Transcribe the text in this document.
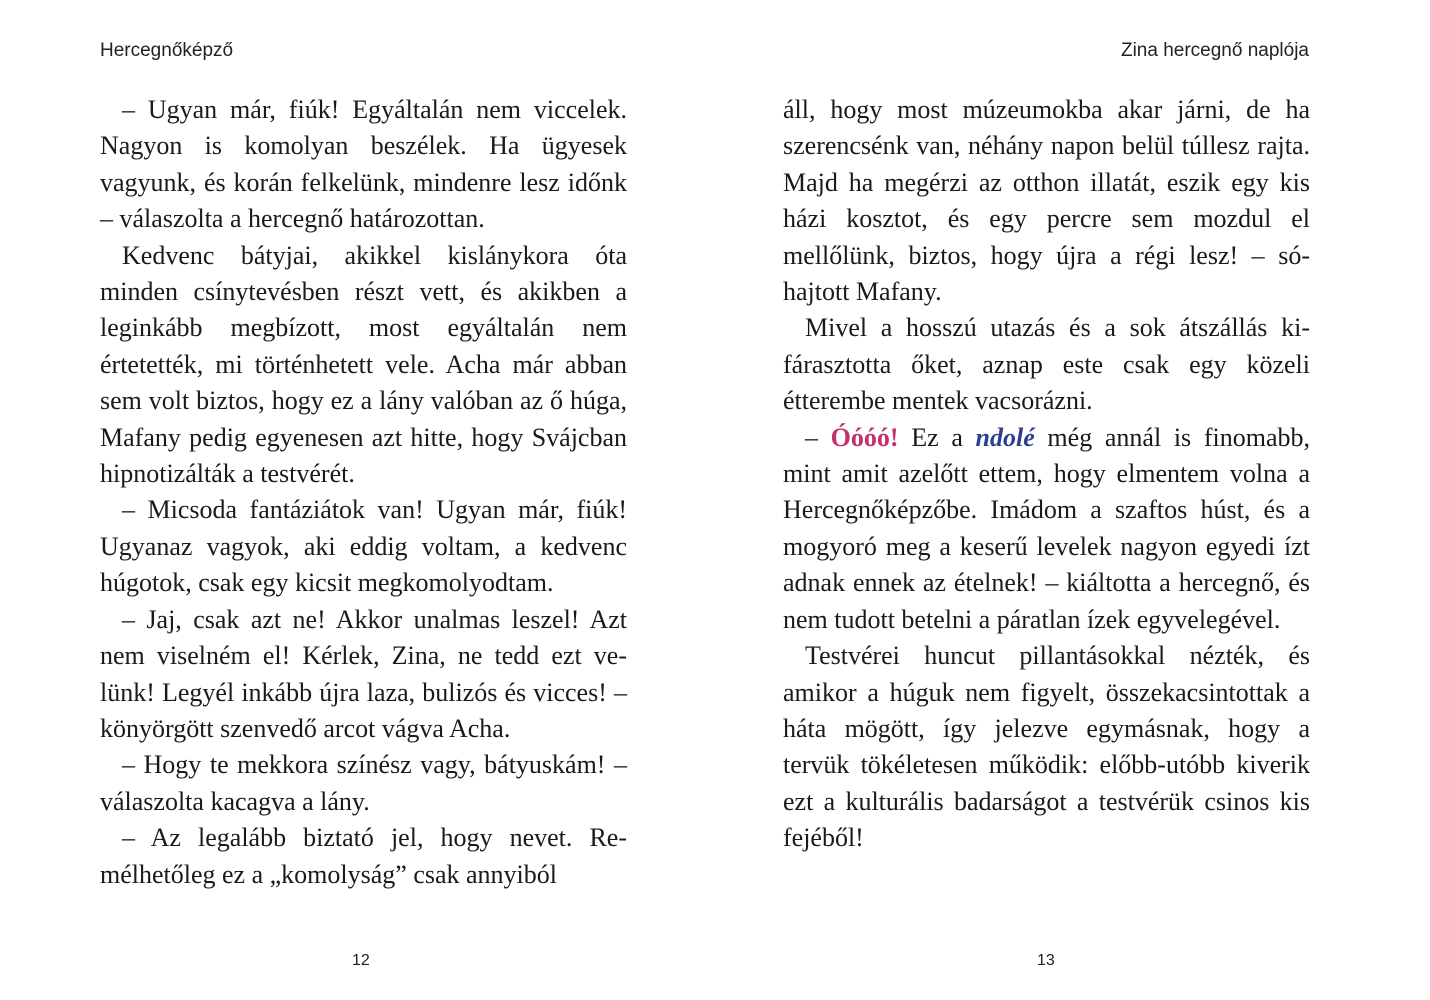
Hercegnőképző

– Ugyan már, fiúk! Egyáltalán nem viccelek. Nagyon is komolyan beszélek. Ha ügyesek vagyunk, és korán felkelünk, mindenre lesz időnk – válaszolta a hercegnő határozottan.

Kedvenc bátyjai, akikkel kislánykora óta minden csínytevésben részt vett, és akikben a leginkább megbízott, most egyáltalán nem értetették, mi történhetett vele. Acha már abban sem volt biztos, hogy ez a lány valóban az ő húga, Mafany pedig egyenesen azt hitte, hogy Svájcban hipnotizálták a testvérét.

– Micsoda fantáziátok van! Ugyan már, fiúk! Ugyanaz vagyok, aki eddig voltam, a kedvenc húgotok, csak egy kicsit megkomolyodtam.

– Jaj, csak azt ne! Akkor unalmas leszel! Azt nem viselném el! Kérlek, Zina, ne tedd ezt velünk! Legyél inkább újra laza, bulizós és vicces! – könyörgött szenvedő arcot vágva Acha.

– Hogy te mekkora színész vagy, bátyuskám! – válaszolta kacagva a lány.

– Az legalább biztató jel, hogy nevet. Remélhetőleg ez a „komolyság” csak annyiból

12
Zina hercegnő naplója

áll, hogy most múzeumokba akar járni, de ha szerencsénk van, néhány napon belül túllesz rajta. Majd ha megérzi az otthon illatát, eszik egy kis házi kosztot, és egy percre sem mozdul el mellőlünk, biztos, hogy újra a régi lesz! – sóhajtott Mafany.

Mivel a hosszú utazás és a sok átszállás kifárasztotta őket, aznap este csak egy közeli étterembe mentek vacsorázni.

– Óóóó! Ez a ndolé még annál is finomabb, mint amit azelőtt ettem, hogy elmentem volna a Hercegnőképzőbe. Imádom a szaftos húst, és a mogyoró meg a keserű levelek nagyon egyedi ízt adnak ennek az ételnek! – kiáltotta a hercegnő, és nem tudott betelni a páratlan ízek egyvelegével.

Testvérei huncut pillantásokkal nézték, és amikor a húguk nem figyelt, összekacsintottak a háta mögött, így jelezve egymásnak, hogy a tervük tökéletesen működik: előbb-utóbb kiverik ezt a kulturális badarságot a testvérük csinos kis fejéből!

13
